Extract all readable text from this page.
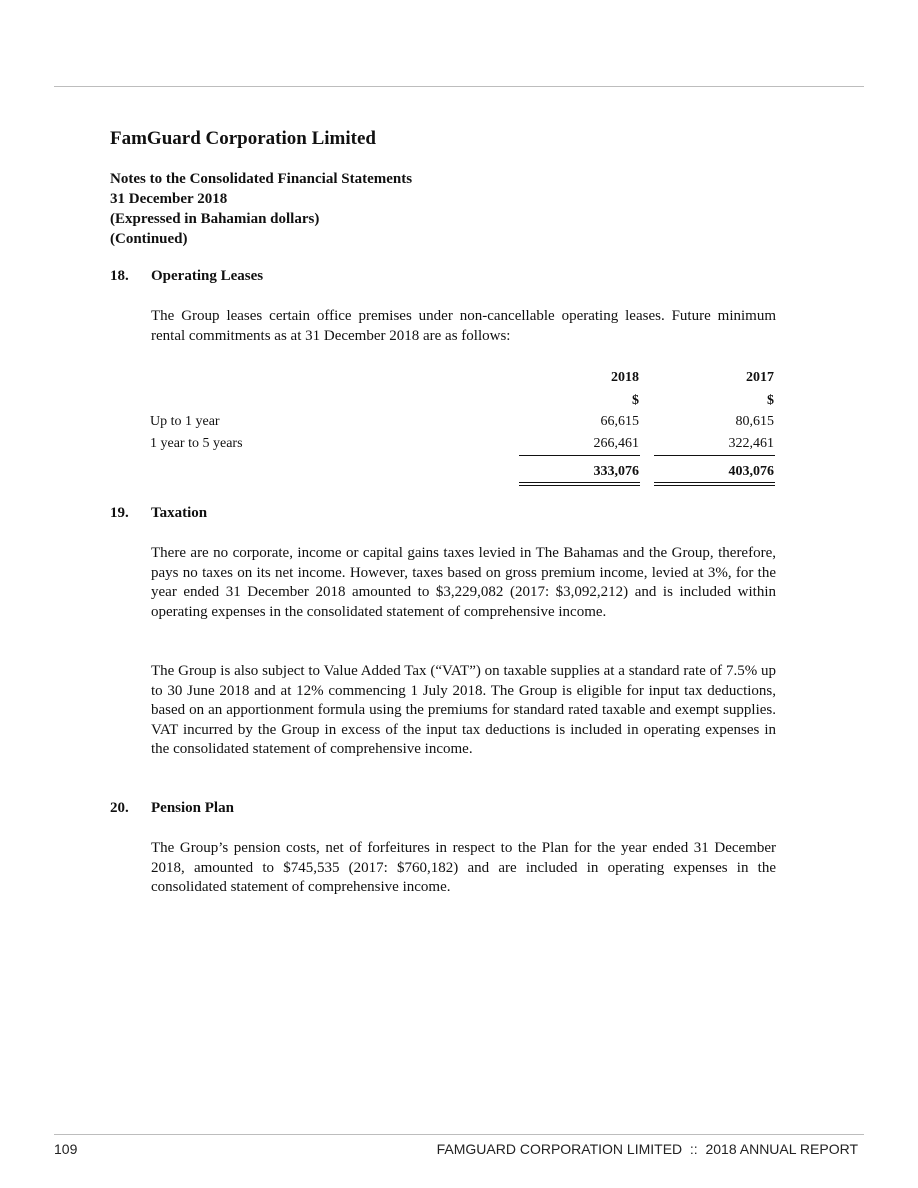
FamGuard Corporation Limited
Notes to the Consolidated Financial Statements
31 December 2018
(Expressed in Bahamian dollars)
(Continued)
18. Operating Leases
The Group leases certain office premises under non-cancellable operating leases. Future minimum rental commitments as at 31 December 2018 are as follows:
2018	2017
$	$
Up to 1 year	66,615	80,615
1 year to 5 years	266,461	322,461
333,076	403,076
19. Taxation
There are no corporate, income or capital gains taxes levied in The Bahamas and the Group, therefore, pays no taxes on its net income. However, taxes based on gross premium income, levied at 3%, for the year ended 31 December 2018 amounted to $3,229,082 (2017: $3,092,212) and is included within operating expenses in the consolidated statement of comprehensive income.
The Group is also subject to Value Added Tax (“VAT”) on taxable supplies at a standard rate of 7.5% up to 30 June 2018 and at 12% commencing 1 July 2018. The Group is eligible for input tax deductions, based on an apportionment formula using the premiums for standard rated taxable and exempt supplies. VAT incurred by the Group in excess of the input tax deductions is included in operating expenses in the consolidated statement of comprehensive income.
20. Pension Plan
The Group’s pension costs, net of forfeitures in respect to the Plan for the year ended 31 December 2018, amounted to $745,535 (2017: $760,182) and are included in operating expenses in the consolidated statement of comprehensive income.
109	FAMGUARD CORPORATION LIMITED  ::  2018 ANNUAL REPORT
